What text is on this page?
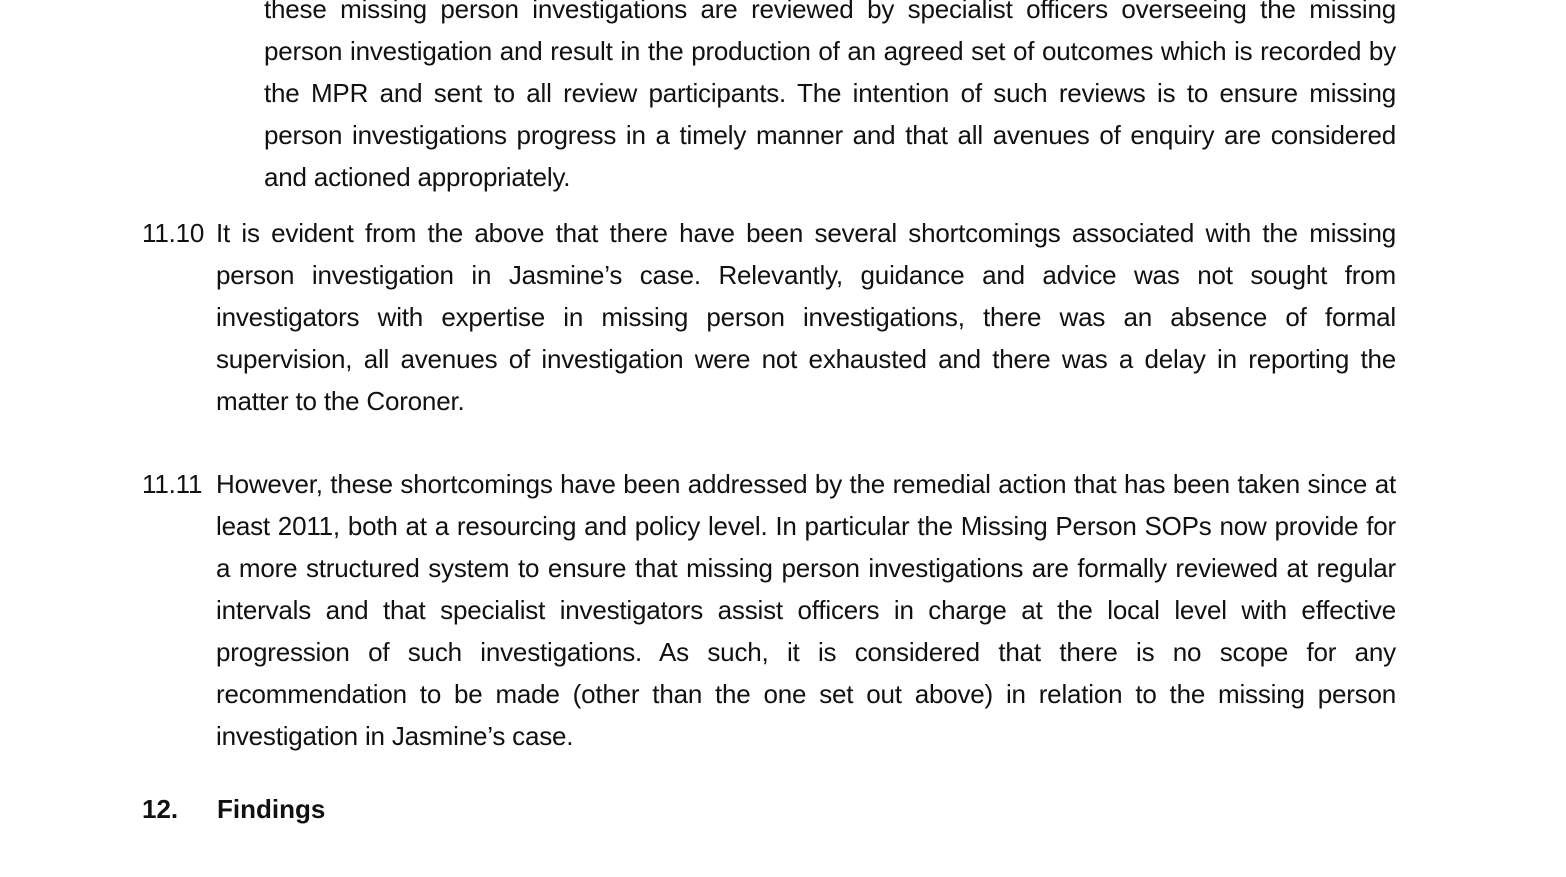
these missing person investigations are reviewed by specialist officers overseeing the missing person investigation and result in the production of an agreed set of outcomes which is recorded by the MPR and sent to all review participants. The intention of such reviews is to ensure missing person investigations progress in a timely manner and that all avenues of enquiry are considered and actioned appropriately.
11.10 It is evident from the above that there have been several shortcomings associated with the missing person investigation in Jasmine’s case. Relevantly, guidance and advice was not sought from investigators with expertise in missing person investigations, there was an absence of formal supervision, all avenues of investigation were not exhausted and there was a delay in reporting the matter to the Coroner.
11.11 However, these shortcomings have been addressed by the remedial action that has been taken since at least 2011, both at a resourcing and policy level. In particular the Missing Person SOPs now provide for a more structured system to ensure that missing person investigations are formally reviewed at regular intervals and that specialist investigators assist officers in charge at the local level with effective progression of such investigations. As such, it is considered that there is no scope for any recommendation to be made (other than the one set out above) in relation to the missing person investigation in Jasmine’s case.
12. Findings
